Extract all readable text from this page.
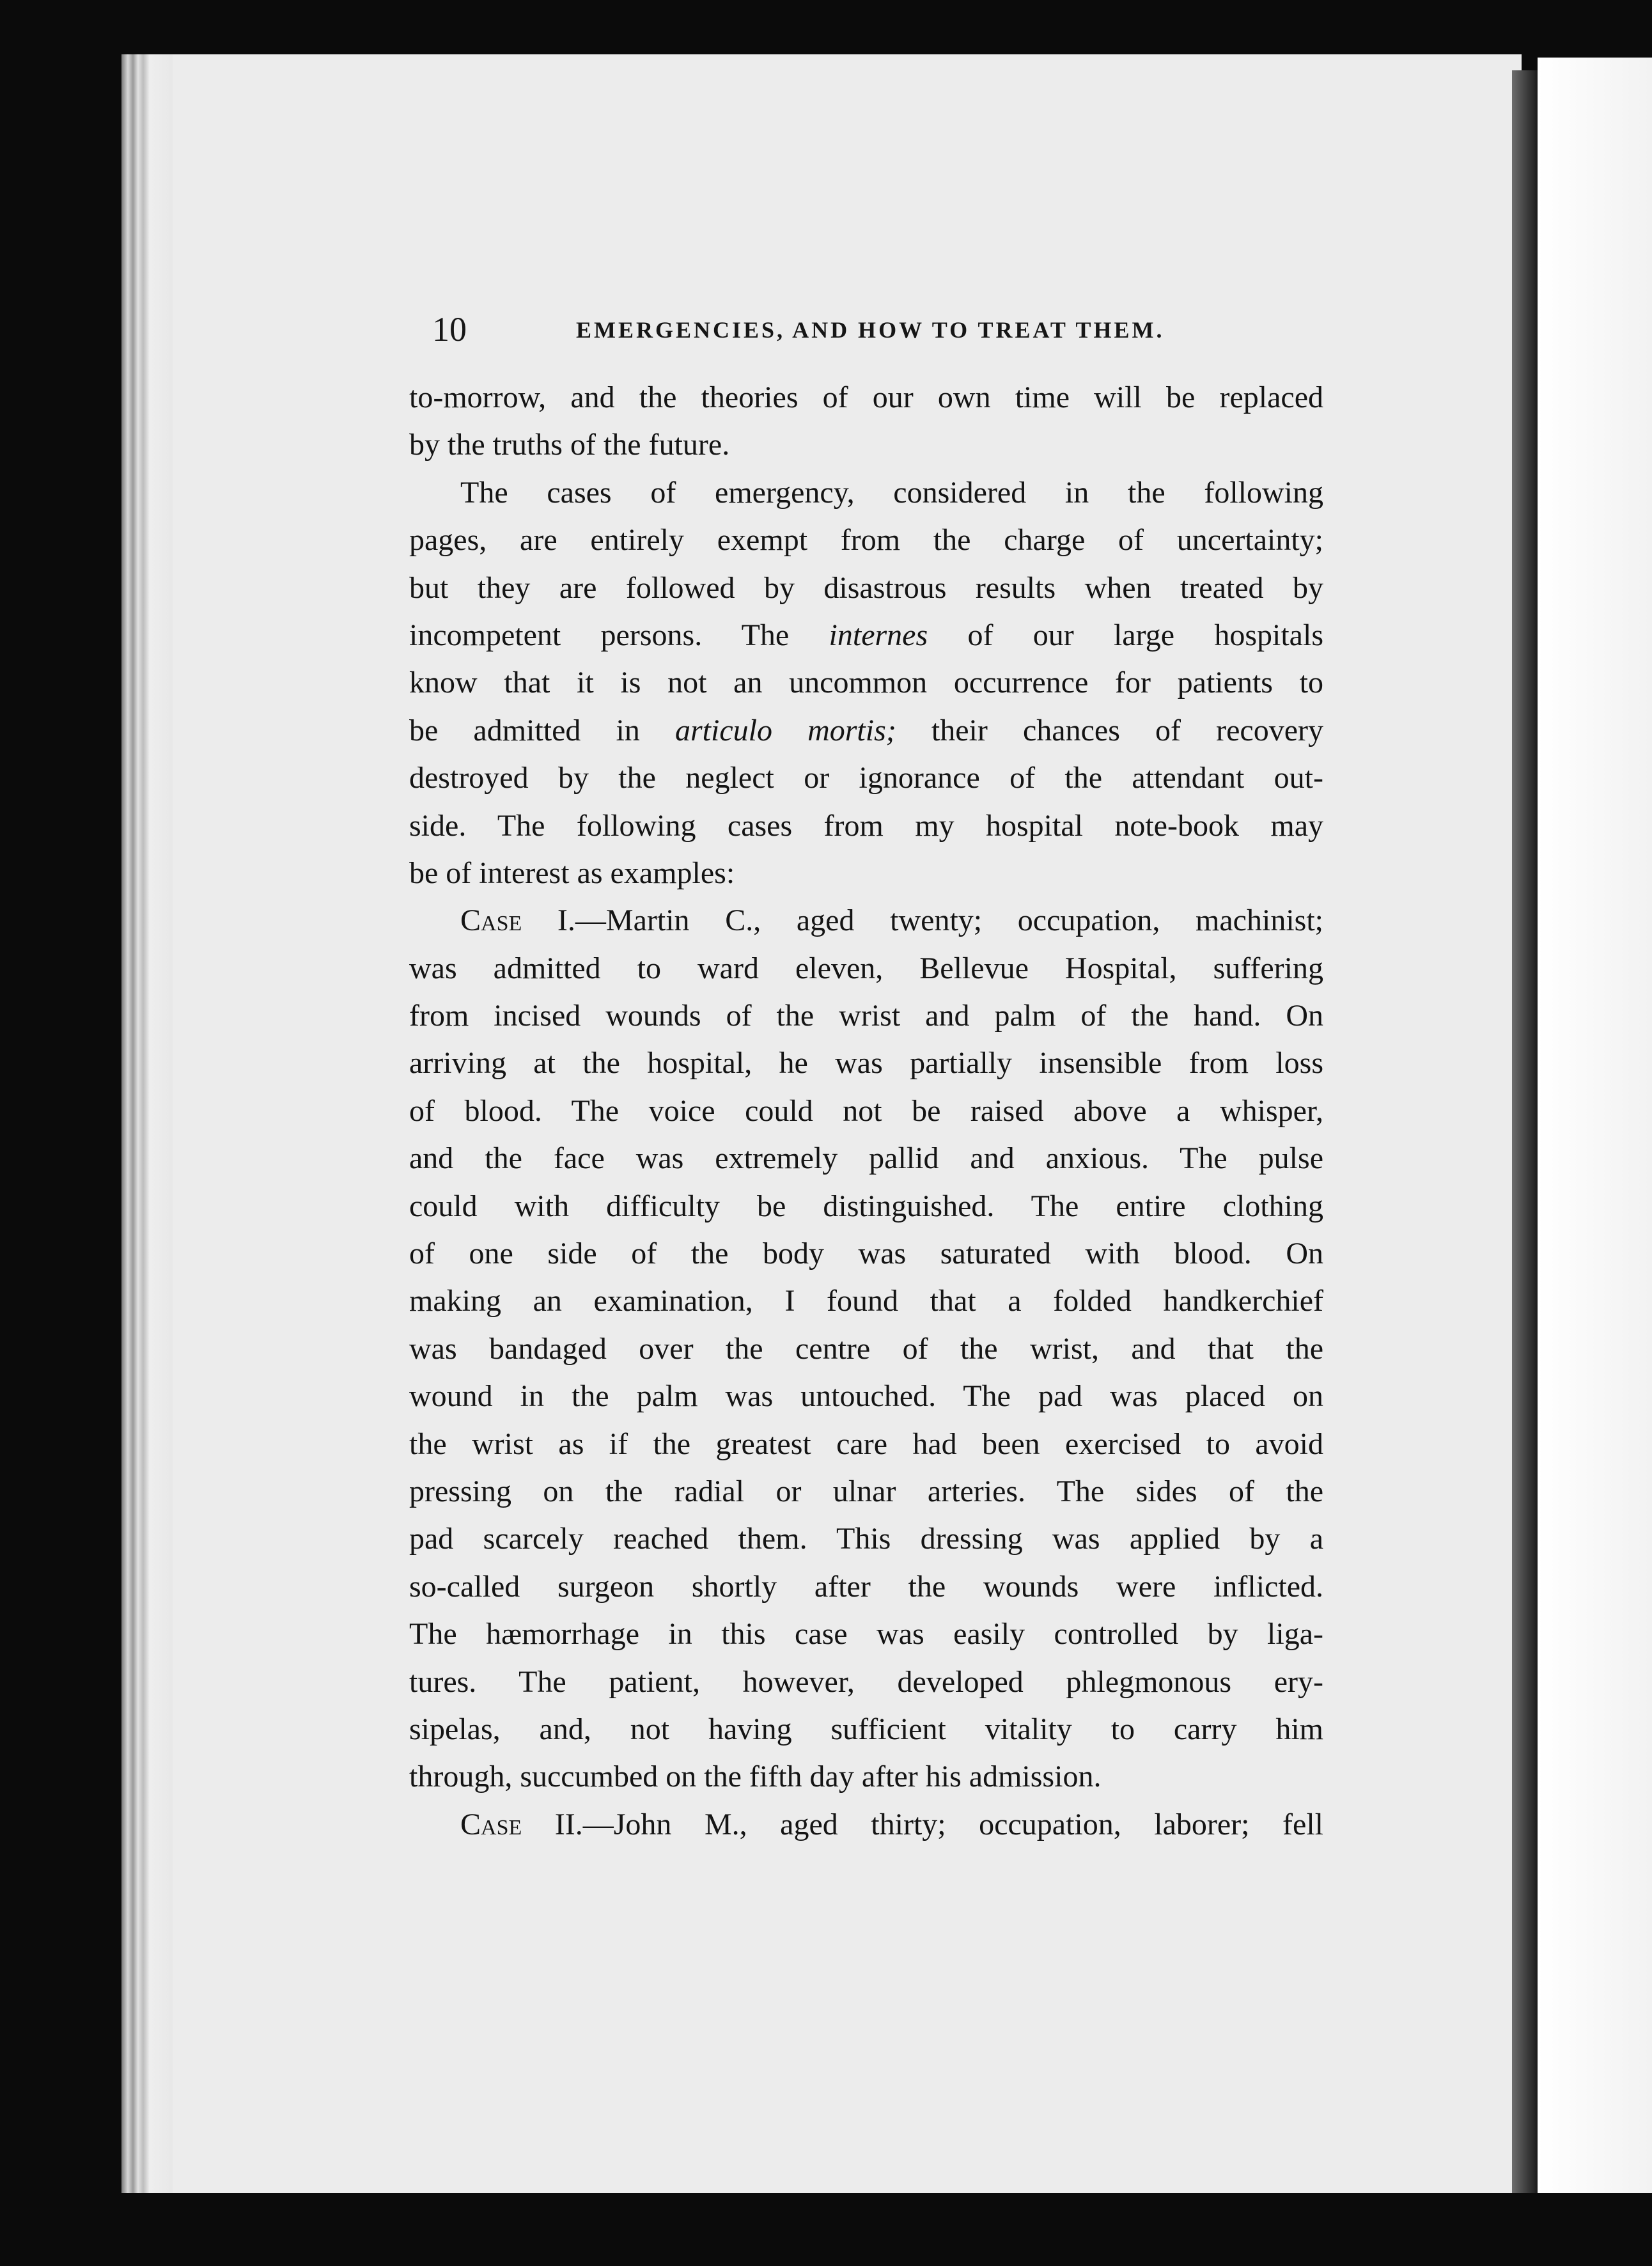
10	EMERGENCIES, AND HOW TO TREAT THEM.
to-morrow, and the theories of our own time will be replaced
by the truths of the future.
The cases of emergency, considered in the following
pages, are entirely exempt from the charge of uncertainty;
but they are followed by disastrous results when treated by
incompetent persons. The internes of our large hospitals
know that it is not an uncommon occurrence for patients to
be admitted in articulo mortis; their chances of recovery
destroyed by the neglect or ignorance of the attendant out-
side. The following cases from my hospital note-book may
be of interest as examples:
Case I.—Martin C., aged twenty; occupation, machinist;
was admitted to ward eleven, Bellevue Hospital, suffering
from incised wounds of the wrist and palm of the hand. On
arriving at the hospital, he was partially insensible from loss
of blood. The voice could not be raised above a whisper,
and the face was extremely pallid and anxious. The pulse
could with difficulty be distinguished. The entire clothing
of one side of the body was saturated with blood. On
making an examination, I found that a folded handkerchief
was bandaged over the centre of the wrist, and that the
wound in the palm was untouched. The pad was placed on
the wrist as if the greatest care had been exercised to avoid
pressing on the radial or ulnar arteries. The sides of the
pad scarcely reached them. This dressing was applied by a
so-called surgeon shortly after the wounds were inflicted.
The hæmorrhage in this case was easily controlled by liga-
tures. The patient, however, developed phlegmonous ery-
sipelas, and, not having sufficient vitality to carry him
through, succumbed on the fifth day after his admission.
Case II.—John M., aged thirty; occupation, laborer; fell
